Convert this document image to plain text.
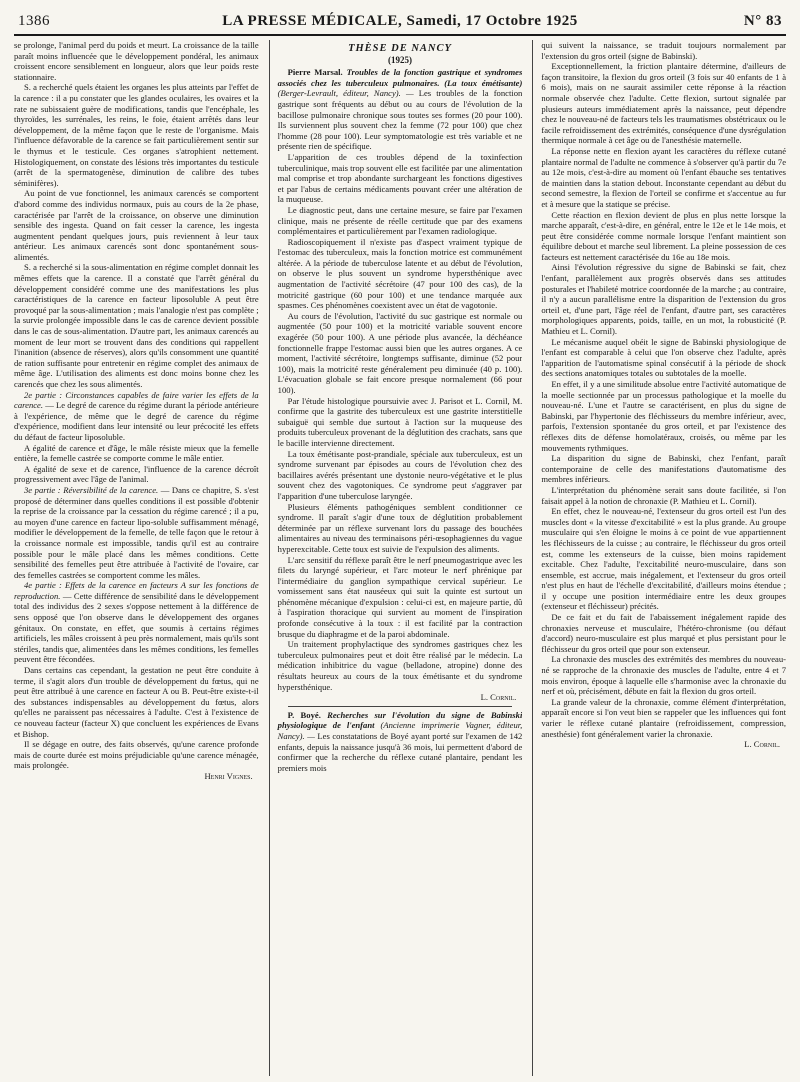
1386	LA PRESSE MÉDICALE, Samedi, 17 Octobre 1925	N° 83

se prolonge, l'animal perd du poids et meurt. La croissance de la taille paraît moins influencée que le développement pondéral, les animaux croissent encore sensiblement en longueur, alors que leur poids reste stationnaire.

S. a recherché quels étaient les organes les plus atteints par l'effet de la carence : il a pu constater que les glandes oculaires, les ovaires et la rate ne subissaient guère de modifications, tandis que l'encéphale, les thyroïdes, les surrénales, les reins, le foie, étaient arrêtés dans leur développement, de la même façon que le reste de l'organisme. Mais l'influence défavorable de la carence se fait particulièrement sentir sur le thymus et le testicule. Ces organes s'atrophient nettement. Histologiquement, on constate des lésions très importantes du testicule (arrêt de la spermatogenèse, diminution de calibre des tubes séminifères).

Au point de vue fonctionnel, les animaux carencés se comportent d'abord comme des individus normaux, puis au cours de la 2e phase, caractérisée par l'arrêt de la croissance, on observe une diminution sensible des ingesta. Quand on fait cesser la carence, les ingesta augmentent pendant quelques jours, puis reviennent à leur taux antérieur. Les animaux carencés sont donc spontanément sous-alimentés.

S. a recherché si la sous-alimentation en régime complet donnait les mêmes effets que la carence. Il a constaté que l'arrêt général du développement considéré comme une des manifestations les plus caractéristiques de la carence en facteur liposoluble A peut être provoqué par la sous-alimentation ; mais l'analogie n'est pas complète ; la survie prolongée impossible dans le cas de carence devient possible dans le cas de sous-alimentation. D'autre part, les animaux carencés au moment de leur mort se trouvent dans des conditions qui rappellent l'inanition (absence de réserves), alors qu'ils consomment une quantité de ration suffisante pour entretenir en régime complet des animaux de même âge. L'utilisation des aliments est donc moins bonne chez les carencés que chez les sous alimentés.

2e partie : Circonstances capables de faire varier les effets de la carence. — Le degré de carence du régime durant la période antérieure à l'expérience, de même que le degré de carence du régime d'expérience, modifient dans leur intensité ou leur précocité les effets du défaut de facteur liposoluble.

A égalité de carence et d'âge, le mâle résiste mieux que la femelle entière, la femelle castrée se comporte comme le mâle entier.

A égalité de sexe et de carence, l'influence de la carence décroît progressivement avec l'âge de l'animal.

3e partie : Réversibilité de la carence. — Dans ce chapitre, S. s'est proposé de déterminer dans quelles conditions il est possible d'obtenir la reprise de la croissance par la cessation du régime carencé ; il a pu, au moyen d'une carence en facteur lipo-soluble suffisamment ménagé, modifier le développement de la femelle, de telle façon que le retour à la croissance normale est impossible, tandis qu'il est au contraire possible pour le mâle placé dans les mêmes conditions. Cette sensibilité des femelles peut être attribuée à l'activité de l'ovaire, car des femelles castrées se comportent comme les mâles.

4e partie : Effets de la carence en facteurs A sur les fonctions de reproduction. — Cette différence de sensibilité dans le développement total des individus des 2 sexes s'oppose nettement à la différence de sens opposé que l'on observe dans le développement des organes génitaux. On constate, en effet, que soumis à certains régimes artificiels, les mâles croissent à peu près normalement, mais qu'ils sont stériles, tandis que, alimentées dans les mêmes conditions, les femelles peuvent être fécondées.

Dans certains cas cependant, la gestation ne peut être conduite à terme, il s'agit alors d'un trouble de développement du fœtus, qui ne peut être attribué à une carence en facteur A ou B. Peut-être existe-t-il des substances indispensables au développement du fœtus, alors qu'elles ne paraissent pas nécessaires à l'adulte. C'est à l'existence de ce nouveau facteur (facteur X) que concluent les expériences de Evans et Bishop.

Il se dégage en outre, des faits observés, qu'une carence profonde mais de courte durée est moins préjudiciable qu'une carence ménagée, mais prolongée.

Henri Vignes.

THÈSE DE NANCY

(1925)

Pierre Marsal. Troubles de la fonction gastrique et syndromes associés chez les tuberculeux pulmonaires. (La toux émétisante) (Berger-Levrault, éditeur, Nancy). — Les troubles de la fonction gastrique sont fréquents au début ou au cours de l'évolution de la bacillose pulmonaire chronique sous toutes ses formes (20 pour 100). Ils surviennent plus souvent chez la femme (72 pour 100) que chez l'homme (28 pour 100). Leur symptomatologie est très variable et ne présente rien de spécifique.

L'apparition de ces troubles dépend de la toxinfection tuberculinique, mais trop souvent elle est facilitée par une alimentation mal comprise et trop abondante surchargeant les fonctions digestives et par l'abus de certains médicaments pouvant créer une altération de la muqueuse.

Le diagnostic peut, dans une certaine mesure, se faire par l'examen clinique, mais ne présente de réelle certitude que par des examens complémentaires et particulièrement par l'examen radiologique.

Radioscopiquement il n'existe pas d'aspect vraiment typique de l'estomac des tuberculeux, mais la fonction motrice est communément altérée. A la période de tuberculose latente et au début de l'évolution, on observe le plus souvent un syndrome hypersthénique avec augmentation de l'activité sécrétoire (47 pour 100 des cas), de la motricité gastrique (60 pour 100) et une tendance marquée aux spasmes. Ces phénomènes coexistent avec un état de vagotonie.

Au cours de l'évolution, l'activité du suc gastrique est normale ou augmentée (50 pour 100) et la motricité variable souvent encore exagérée (50 pour 100). A une période plus avancée, la déchéance fonctionnelle frappe l'estomac aussi bien que les autres organes. A ce moment, l'activité sécrétoire, longtemps suffisante, diminue (52 pour 100), mais la motricité reste généralement peu diminuée (40 p. 100). L'évacuation globale se fait encore presque normalement (66 pour 100).

Par l'étude histologique poursuivie avec J. Parisot et L. Cornil, M. confirme que la gastrite des tuberculeux est une gastrite interstitielle subaiguë qui semble due surtout à l'action sur la muqueuse des produits tuberculeux provenant de la déglutition des crachats, sans que le bacille intervienne directement.

La toux émétisante post-prandiale, spéciale aux tuberculeux, est un syndrome survenant par épisodes au cours de l'évolution chez des bacillaires avérés présentant une dystonie neuro-végétative et le plus souvent chez des vagotoniques. Ce syndrome peut s'aggraver par l'apparition d'une tuberculose laryngée.

Plusieurs éléments pathogéniques semblent conditionner ce syndrome. Il paraît s'agir d'une toux de déglutition probablement déterminée par un réflexe survenant lors du passage des bouchées alimentaires au niveau des terminaisons péri-œsophagiennes du vague hyperexcitable. Cette toux est suivie de l'expulsion des aliments.

L'arc sensitif du réflexe paraît être le nerf pneumogastrique avec les filets du laryngé supérieur, et l'arc moteur le nerf phrénique par l'intermédiaire du ganglion sympathique cervical supérieur. Le vomissement sans état nauséeux qui suit la quinte est surtout un phénomène mécanique d'expulsion : celui-ci est, en majeure partie, dû à l'aspiration thoracique qui survient au moment de l'inspiration profonde consécutive à la toux : il est facilité par la contraction brusque du diaphragme et de la paroi abdominale.

Un traitement prophylactique des syndromes gastriques chez les tuberculeux pulmonaires peut et doit être réalisé par le médecin. La médication inhibitrice du vague (belladone, atropine) donne des résultats heureux au cours de la toux émétisante et du syndrome hypersthénique.

L. Cornil.

P. Boyé. Recherches sur l'évolution du signe de Babinski physiologique de l'enfant (Ancienne imprimerie Vagner, éditeur, Nancy). — Les constatations de Boyé ayant porté sur l'examen de 142 enfants, depuis la naissance jusqu'à 36 mois, lui permettent d'abord de confirmer que la recherche du réflexe cutané plantaire, pendant les premiers mois

qui suivent la naissance, se traduit toujours normalement par l'extension du gros orteil (signe de Babinski).

Exceptionnellement, la friction plantaire détermine, d'ailleurs de façon transitoire, la flexion du gros orteil (3 fois sur 40 enfants de 1 à 6 mois), mais on ne saurait assimiler cette réponse à la réaction normale observée chez l'adulte. Cette flexion, surtout signalée par plusieurs auteurs immédiatement après la naissance, peut dépendre chez le nouveau-né de facteurs tels les traumatismes obstétricaux ou le facile refroidissement des extrémités, conséquence d'une dysrégulation thermique normale à cet âge ou de l'anesthésie maternelle.

La réponse nette en flexion ayant les caractères du réflexe cutané plantaire normal de l'adulte ne commence à s'observer qu'à partir du 7e au 12e mois, c'est-à-dire au moment où l'enfant ébauche ses tentatives de maintien dans la station debout. Inconstante cependant au début du second semestre, la flexion de l'orteil se confirme et s'accentue au fur et à mesure que la statique se précise.

Cette réaction en flexion devient de plus en plus nette lorsque la marche apparaît, c'est-à-dire, en général, entre le 12e et le 14e mois, et peut être considérée comme normale lorsque l'enfant maintient son équilibre debout et marche seul librement. La pleine possession de ces facteurs est nettement caractérisée du 16e au 18e mois.

Ainsi l'évolution régressive du signe de Babinski se fait, chez l'enfant, parallèlement aux progrès observés dans ses attitudes posturales et l'habileté motrice coordonnée de la marche ; au contraire, il n'y a aucun parallélisme entre la disparition de l'extension du gros orteil et, d'une part, l'âge réel de l'enfant, d'autre part, ses caractères morphologiques apparents, poids, taille, en un mot, la robusticité (P. Mathieu et L. Cornil).

Le mécanisme auquel obéit le signe de Babinski physiologique de l'enfant est comparable à celui que l'on observe chez l'adulte, après l'apparition de l'automatisme spinal consécutif à la période de shock des sections anatomiques totales ou subtotales de la moelle.

En effet, il y a une similitude absolue entre l'activité automatique de la moelle sectionnée par un processus pathologique et la moelle du nouveau-né. L'une et l'autre se caractérisent, en plus du signe de Babinski, par l'hypertonie des fléchisseurs du membre inférieur, avec, parfois, l'extension spontanée du gros orteil, et par l'existence des réflexes dits de défense homolatéraux, croisés, ou même par les mouvements rythmiques.

La disparition du signe de Babinski, chez l'enfant, paraît contemporaine de celle des manifestations d'automatisme des membres inférieurs.

L'interprétation du phénomène serait sans doute facilitée, si l'on faisait appel à la notion de chronaxie (P. Mathieu et L. Cornil).

En effet, chez le nouveau-né, l'extenseur du gros orteil est l'un des muscles dont « la vitesse d'excitabilité » est la plus grande. Au groupe musculaire qui s'en éloigne le moins à ce point de vue appartiennent les fléchisseurs de la cuisse ; au contraire, le fléchisseur du gros orteil est, comme les extenseurs de la cuisse, bien moins rapidement excitable. Chez l'adulte, l'excitabilité neuro-musculaire, dans son ensemble, est accrue, mais inégalement, et l'extenseur du gros orteil n'est plus en haut de l'échelle d'excitabilité, d'ailleurs moins étendue ; il y occupe une position intermédiaire entre les deux groupes (extenseur et fléchisseur) précités.

De ce fait et du fait de l'abaissement inégalement rapide des chronaxies nerveuse et musculaire, l'hétéro-chronisme (ou défaut d'accord) neuro-musculaire est plus marqué et plus persistant pour le fléchisseur du gros orteil que pour son extenseur.

La chronaxie des muscles des extrémités des membres du nouveau-né se rapproche de la chronaxie des muscles de l'adulte, entre 4 et 7 mois environ, époque à laquelle elle s'harmonise avec la chronaxie du nerf et où, précisément, débute en fait la flexion du gros orteil.

La grande valeur de la chronaxie, comme élément d'interprétation, apparaît encore si l'on veut bien se rappeler que les influences qui font varier le réflexe cutané plantaire (refroidissement, compression, anesthésie) font généralement varier la chronaxie.

L. Cornil.
